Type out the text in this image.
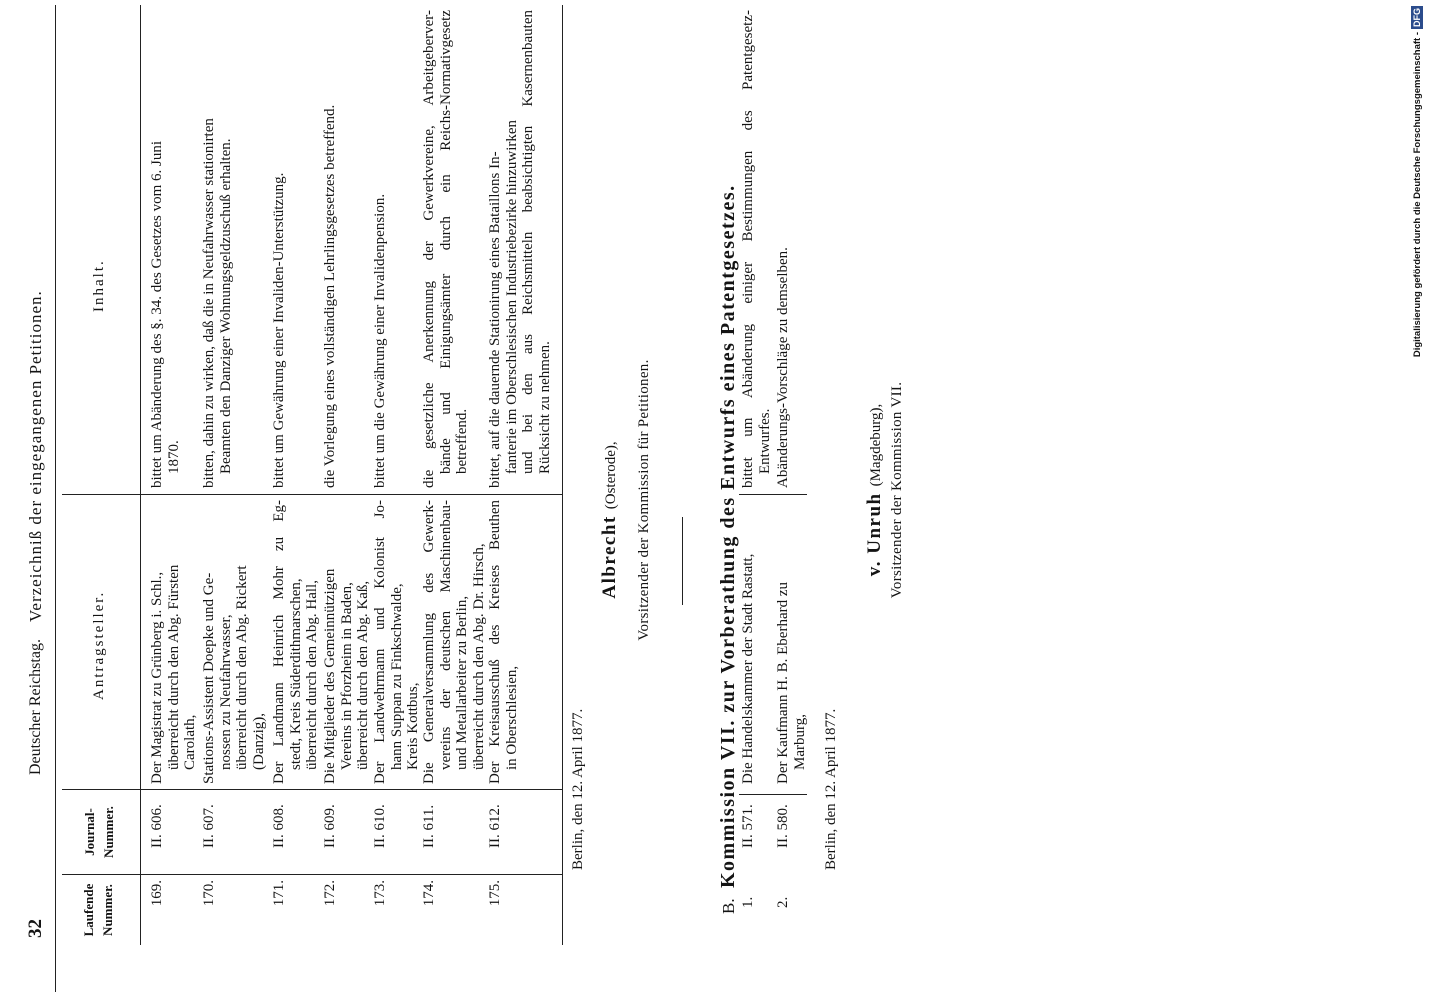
32
Deutscher Reichstag.
Verzeichniß der eingegangenen Petitionen.
Laufende Nummer.
Journal- Nummer.
Antragsteller.
Inhalt.
169.
II. 606.
Der Magistrat zu Grünberg i. Schl., überreicht durch den Abg. Fürsten Carolath,
bittet um Abänderung des §. 34. des Gesetzes vom 6. Juni 1870.
170.
II. 607.
Stations-Assistent Doepke und Ge- nossen zu Neufahrwasser, überreicht durch den Abg. Rickert (Danzig),
bitten, dahin zu wirken, daß die in Neufahrwasser stationirten Beamten den Danziger Wohnungsgeldzuschuß erhalten.
171.
II. 608.
Der Landmann Heinrich Mohr zu Eg- stedt, Kreis Süderdithmarschen, überreicht durch den Abg. Hall,
bittet um Gewährung einer Invaliden-Unterstützung.
172.
II. 609.
Die Mitglieder des Gemeinnützigen Vereins in Pforzheim in Baden, überreicht durch den Abg. Kaß,
die Vorlegung eines vollständigen Lehrlingsgesetzes betreffend.
173.
II. 610.
Der Landwehrmann und Kolonist Jo- hann Suppan zu Finkschwalde, Kreis Kottbus,
bittet um die Gewährung einer Invalidenpension.
174.
II. 611.
Die Generalversammlung des Gewerk- vereins der deutschen Maschinenbau- und Metallarbeiter zu Berlin, überreicht durch den Abg. Dr. Hirsch,
die gesetzliche Anerkennung der Gewerkvereine, Arbeitgeberver- bände und Einigungsämter durch ein Reichs-Normativgesetz betreffend.
175.
II. 612.
Der Kreisausschuß des Kreises Beuthen in Oberschlesien,
bittet, auf die dauernde Stationirung eines Bataillons In- fanterie im Oberschlesischen Industriebezirke hinzuwirken und bei den aus Reichsmitteln beabsichtigten Kasernenbauten Rücksicht zu nehmen.
Berlin, den 12. April 1877.
Albrecht(Osterode), Vorsitzender der Kommission für Petitionen.
B.
Kommission VII. zur Vorberathung des Entwurfs eines Patentgesetzes.
1.
II. 571.
Die Handelskammer der Stadt Rastatt,
bittet um Abänderung einiger Bestimmungen des Patentgesetz- Entwurfes.
2.
II. 580.
Der Kaufmann H. B. Eberhard zu Marburg,
Abänderungs-Vorschläge zu demselben.
Berlin, den 12. April 1877.
v. Unruh(Magdeburg), Vorsitzender der Kommission VII.
Digitalisierung gefördert durch die Deutsche Forschungsgemeinschaft -
DFG
